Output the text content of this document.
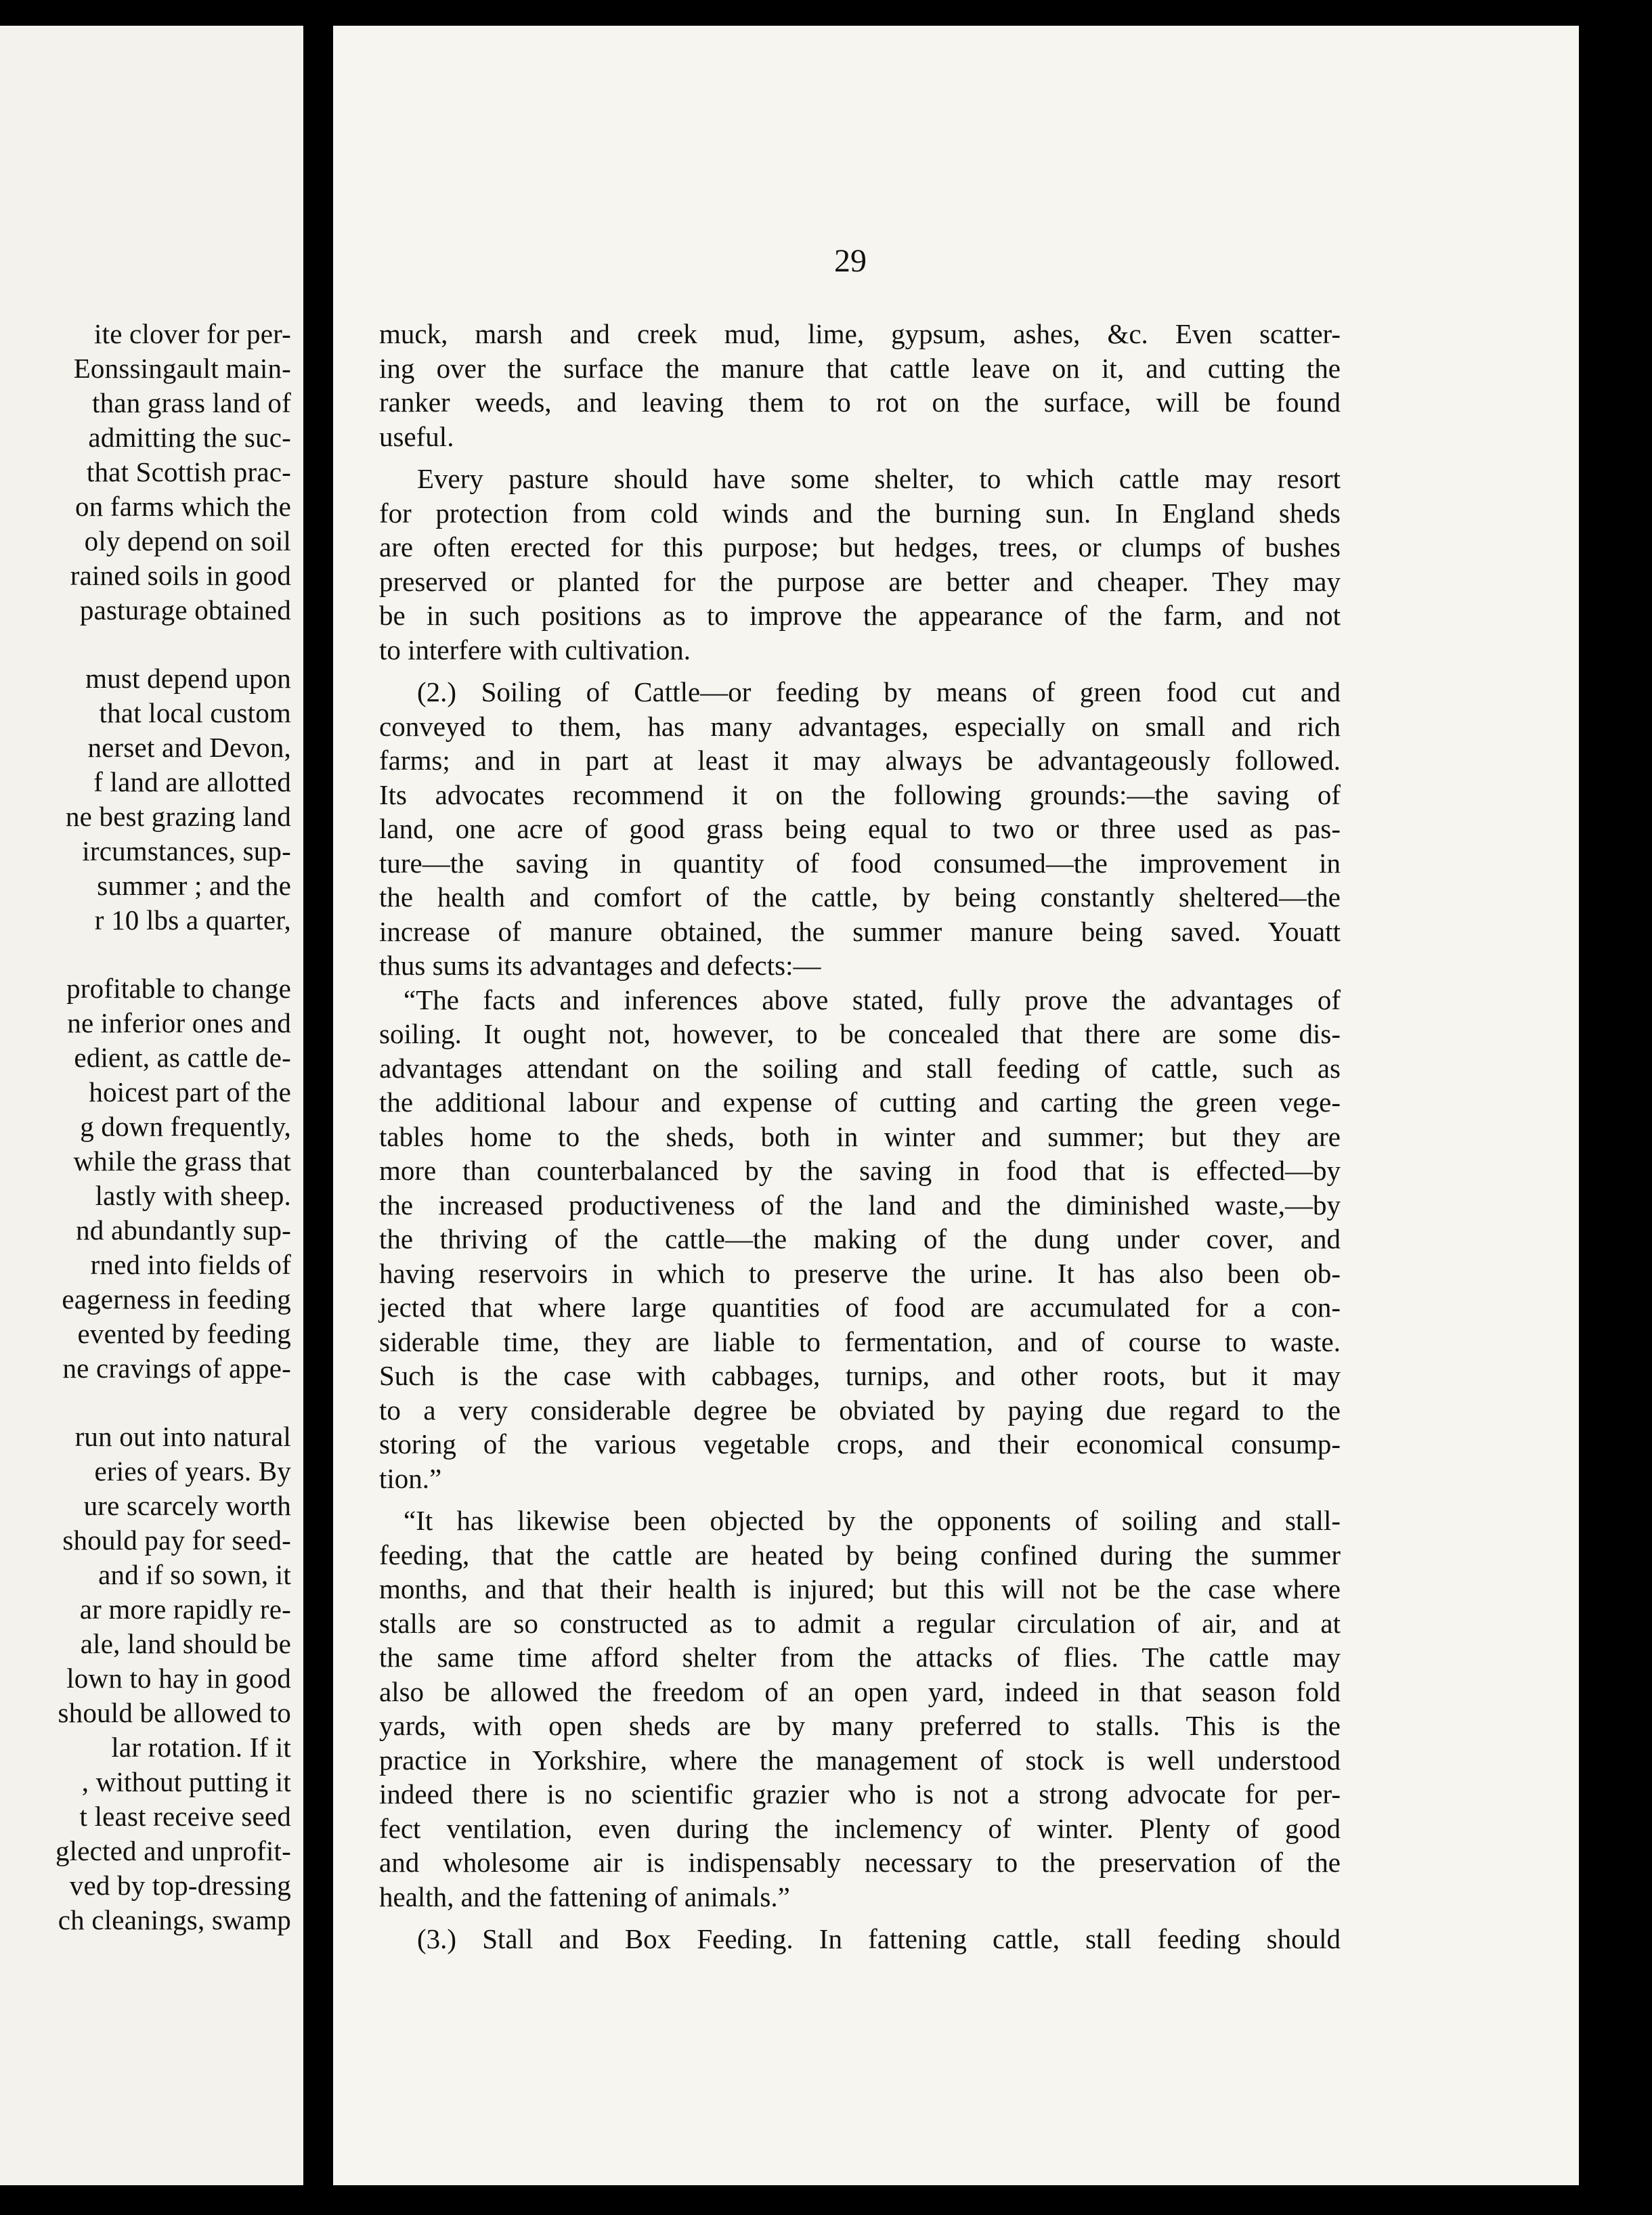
ite clover for per-
Eonssingault main-
than grass land of
admitting the suc-
that Scottish prac-
on farms which the
oly depend on soil
rained soils in good
pasturage obtained
must depend upon
that local custom
nerset and Devon,
f land are allotted
ne best grazing land
ircumstances, sup-
summer ; and the
r 10 lbs a quarter,
profitable to change
ne inferior ones and
edient, as cattle de-
hoicest part of the
g down frequently,
while the grass that
lastly with sheep.
nd abundantly sup-
rned into fields of
eagerness in feeding
evented by feeding
ne cravings of appe-
run out into natural
eries of years. By
ure scarcely worth
should pay for seed-
and if so sown, it
ar more rapidly re-
ale, land should be
lown to hay in good
should be allowed to
lar rotation. If it
, without putting it
t least receive seed
glected and unprofit-
ved by top-dressing
ch cleanings, swamp
29
muck, marsh and creek mud, lime, gypsum, ashes, &c. Even scatter-
ing over the surface the manure that cattle leave on it, and cutting the
ranker weeds, and leaving them to rot on the surface, will be found
useful.
Every pasture should have some shelter, to which cattle may resort
for protection from cold winds and the burning sun. In England sheds
are often erected for this purpose; but hedges, trees, or clumps of bushes
preserved or planted for the purpose are better and cheaper. They may
be in such positions as to improve the appearance of the farm, and not
to interfere with cultivation.
(2.) Soiling of Cattle—or feeding by means of green food cut and
conveyed to them, has many advantages, especially on small and rich
farms; and in part at least it may always be advantageously followed.
Its advocates recommend it on the following grounds:—the saving of
land, one acre of good grass being equal to two or three used as pas-
ture—the saving in quantity of food consumed—the improvement in
the health and comfort of the cattle, by being constantly sheltered—the
increase of manure obtained, the summer manure being saved. Youatt
thus sums its advantages and defects:—
“The facts and inferences above stated, fully prove the advantages of
soiling. It ought not, however, to be concealed that there are some dis-
advantages attendant on the soiling and stall feeding of cattle, such as
the additional labour and expense of cutting and carting the green vege-
tables home to the sheds, both in winter and summer; but they are
more than counterbalanced by the saving in food that is effected—by
the increased productiveness of the land and the diminished waste,—by
the thriving of the cattle—the making of the dung under cover, and
having reservoirs in which to preserve the urine. It has also been ob-
jected that where large quantities of food are accumulated for a con-
siderable time, they are liable to fermentation, and of course to waste.
Such is the case with cabbages, turnips, and other roots, but it may
to a very considerable degree be obviated by paying due regard to the
storing of the various vegetable crops, and their economical consump-
tion.”
“It has likewise been objected by the opponents of soiling and stall-
feeding, that the cattle are heated by being confined during the summer
months, and that their health is injured; but this will not be the case where
stalls are so constructed as to admit a regular circulation of air, and at
the same time afford shelter from the attacks of flies. The cattle may
also be allowed the freedom of an open yard, indeed in that season fold
yards, with open sheds are by many preferred to stalls. This is the
practice in Yorkshire, where the management of stock is well understood
indeed there is no scientific grazier who is not a strong advocate for per-
fect ventilation, even during the inclemency of winter. Plenty of good
and wholesome air is indispensably necessary to the preservation of the
health, and the fattening of animals.”
(3.) Stall and Box Feeding. In fattening cattle, stall feeding should
